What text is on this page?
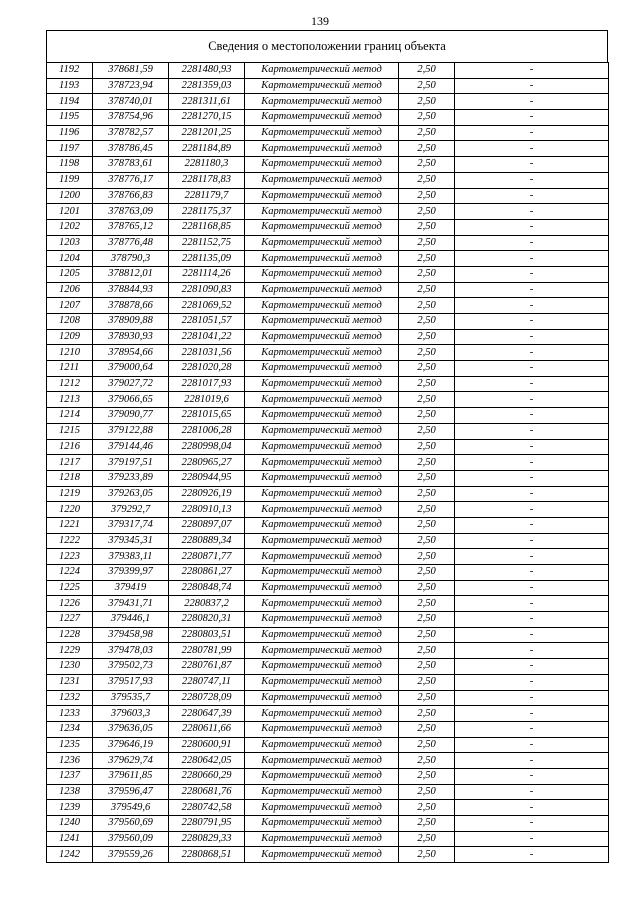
139
Сведения о местоположении границ объекта
1192	378681,59	2281480,93	Картометрический метод	2,50	-
1193	378723,94	2281359,03	Картометрический метод	2,50	-
1194	378740,01	2281311,61	Картометрический метод	2,50	-
1195	378754,96	2281270,15	Картометрический метод	2,50	-
1196	378782,57	2281201,25	Картометрический метод	2,50	-
1197	378786,45	2281184,89	Картометрический метод	2,50	-
1198	378783,61	2281180,3	Картометрический метод	2,50	-
1199	378776,17	2281178,83	Картометрический метод	2,50	-
1200	378766,83	2281179,7	Картометрический метод	2,50	-
1201	378763,09	2281175,37	Картометрический метод	2,50	-
1202	378765,12	2281168,85	Картометрический метод	2,50	-
1203	378776,48	2281152,75	Картометрический метод	2,50	-
1204	378790,3	2281135,09	Картометрический метод	2,50	-
1205	378812,01	2281114,26	Картометрический метод	2,50	-
1206	378844,93	2281090,83	Картометрический метод	2,50	-
1207	378878,66	2281069,52	Картометрический метод	2,50	-
1208	378909,88	2281051,57	Картометрический метод	2,50	-
1209	378930,93	2281041,22	Картометрический метод	2,50	-
1210	378954,66	2281031,56	Картометрический метод	2,50	-
1211	379000,64	2281020,28	Картометрический метод	2,50	-
1212	379027,72	2281017,93	Картометрический метод	2,50	-
1213	379066,65	2281019,6	Картометрический метод	2,50	-
1214	379090,77	2281015,65	Картометрический метод	2,50	-
1215	379122,88	2281006,28	Картометрический метод	2,50	-
1216	379144,46	2280998,04	Картометрический метод	2,50	-
1217	379197,51	2280965,27	Картометрический метод	2,50	-
1218	379233,89	2280944,95	Картометрический метод	2,50	-
1219	379263,05	2280926,19	Картометрический метод	2,50	-
1220	379292,7	2280910,13	Картометрический метод	2,50	-
1221	379317,74	2280897,07	Картометрический метод	2,50	-
1222	379345,31	2280889,34	Картометрический метод	2,50	-
1223	379383,11	2280871,77	Картометрический метод	2,50	-
1224	379399,97	2280861,27	Картометрический метод	2,50	-
1225	379419	2280848,74	Картометрический метод	2,50	-
1226	379431,71	2280837,2	Картометрический метод	2,50	-
1227	379446,1	2280820,31	Картометрический метод	2,50	-
1228	379458,98	2280803,51	Картометрический метод	2,50	-
1229	379478,03	2280781,99	Картометрический метод	2,50	-
1230	379502,73	2280761,87	Картометрический метод	2,50	-
1231	379517,93	2280747,11	Картометрический метод	2,50	-
1232	379535,7	2280728,09	Картометрический метод	2,50	-
1233	379603,3	2280647,39	Картометрический метод	2,50	-
1234	379636,05	2280611,66	Картометрический метод	2,50	-
1235	379646,19	2280600,91	Картометрический метод	2,50	-
1236	379629,74	2280642,05	Картометрический метод	2,50	-
1237	379611,85	2280660,29	Картометрический метод	2,50	-
1238	379596,47	2280681,76	Картометрический метод	2,50	-
1239	379549,6	2280742,58	Картометрический метод	2,50	-
1240	379560,69	2280791,95	Картометрический метод	2,50	-
1241	379560,09	2280829,33	Картометрический метод	2,50	-
1242	379559,26	2280868,51	Картометрический метод	2,50	-
